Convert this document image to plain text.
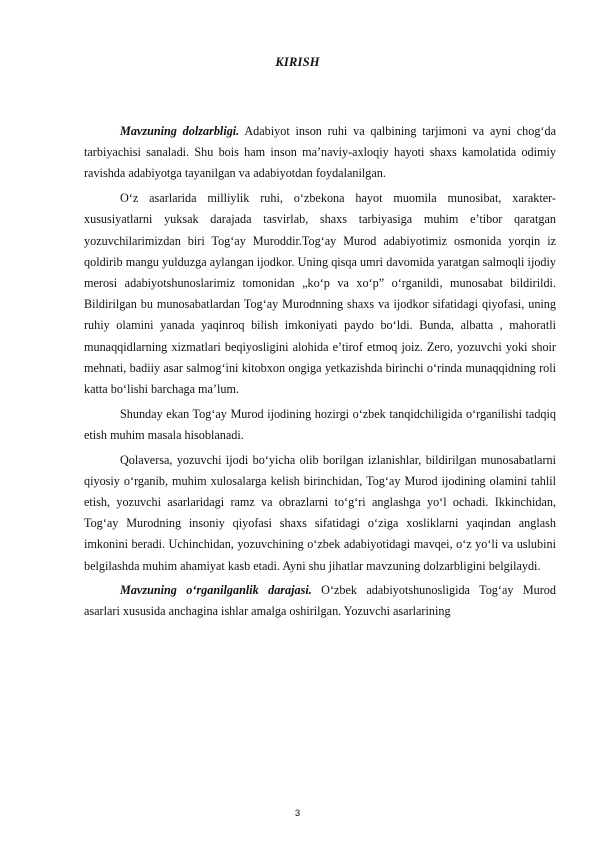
KIRISH

Mavzuning dolzarbligi. Adabiyot inson ruhi va qalbining tarjimoni va ayni chog‘da tarbiyachisi sanaladi. Shu bois ham inson ma’naviy-axloqiy hayoti shaxs kamolatida odimiy ravishda adabiyotga tayanilgan va adabiyotdan foydalanilgan.

O‘z asarlarida milliylik ruhi, o‘zbekona hayot muomila munosibat, xarakter-xususiyatlarni yuksak darajada tasvirlab, shaxs tarbiyasiga muhim e’tibor qaratgan yozuvchilarimizdan biri Tog‘ay Muroddir.Tog‘ay Murod adabiyotimiz osmonida yorqin iz qoldirib mangu yulduzga aylangan ijodkor. Uning qisqa umri davomida yaratgan salmoqli ijodiy merosi adabiyotshunoslarimiz tomonidan „ko‘p va xo‘p” o‘rganildi, munosabat bildirildi. Bildirilgan bu munosabatlardan Tog‘ay Murodnning shaxs va ijodkor sifatidagi qiyofasi, uning ruhiy olamini yanada yaqinroq bilish imkoniyati paydo bo‘ldi. Bunda, albatta , mahoratli munaqqidlarning xizmatlari beqiyosligini alohida e’tirof etmoq joiz. Zero, yozuvchi yoki shoir mehnati, badiiy asar salmog‘ini kitobxon ongiga yetkazishda birinchi o‘rinda munaqqidning roli katta bo‘lishi barchaga ma’lum.

Shunday ekan Tog‘ay Murod ijodining hozirgi o‘zbek tanqidchiligida o‘rganilishi tadqiq etish muhim masala hisoblanadi.

Qolaversa, yozuvchi ijodi bo‘yicha olib borilgan izlanishlar, bildirilgan munosabatlarni qiyosiy o‘rganib, muhim xulosalarga kelish birinchidan, Tog‘ay Murod ijodining olamini tahlil etish, yozuvchi asarlaridagi ramz va obrazlarni to‘g‘ri anglashga yo‘l ochadi. Ikkinchidan, Tog‘ay Murodning insoniy qiyofasi shaxs sifatidagi o‘ziga xosliklarni yaqindan anglash imkonini beradi. Uchinchidan, yozuvchining o‘zbek adabiyotidagi mavqei, o‘z yo‘li va uslubini belgilashda muhim ahamiyat kasb etadi. Ayni shu jihatlar mavzuning dolzarbligini belgilaydi.

Mavzuning o‘rganilganlik darajasi. O‘zbek adabiyotshunosligida Tog‘ay Murod asarlari xususida anchagina ishlar amalga oshirilgan. Yozuvchi asarlarining

3
